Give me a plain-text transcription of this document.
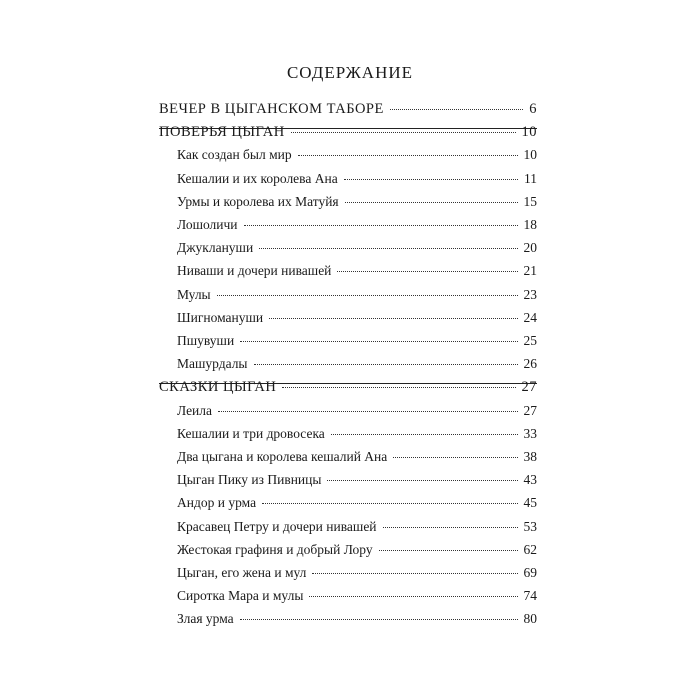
СОДЕРЖАНИЕ
ВЕЧЕР В ЦЫГАНСКОМ ТАБОРЕ	6
ПОВЕРЬЯ ЦЫГАН	10
Как создан был мир	10
Кешалии и их королева Ана	11
Урмы и королева их Матуйя	15
Лошоличи	18
Джуклануши	20
Ниваши и дочери нивашей	21
Мулы	23
Шигномануши	24
Пшувуши	25
Машурдалы	26
СКАЗКИ ЦЫГАН	27
Леила	27
Кешалии и три дровосека	33
Два цыгана и королева кешалий Ана	38
Цыган Пику из Пивницы	43
Андор и урма	45
Красавец Петру и дочери нивашей	53
Жестокая графиня и добрый Лору	62
Цыган, его жена и мул	69
Сиротка Мара и мулы	74
Злая урма	80
